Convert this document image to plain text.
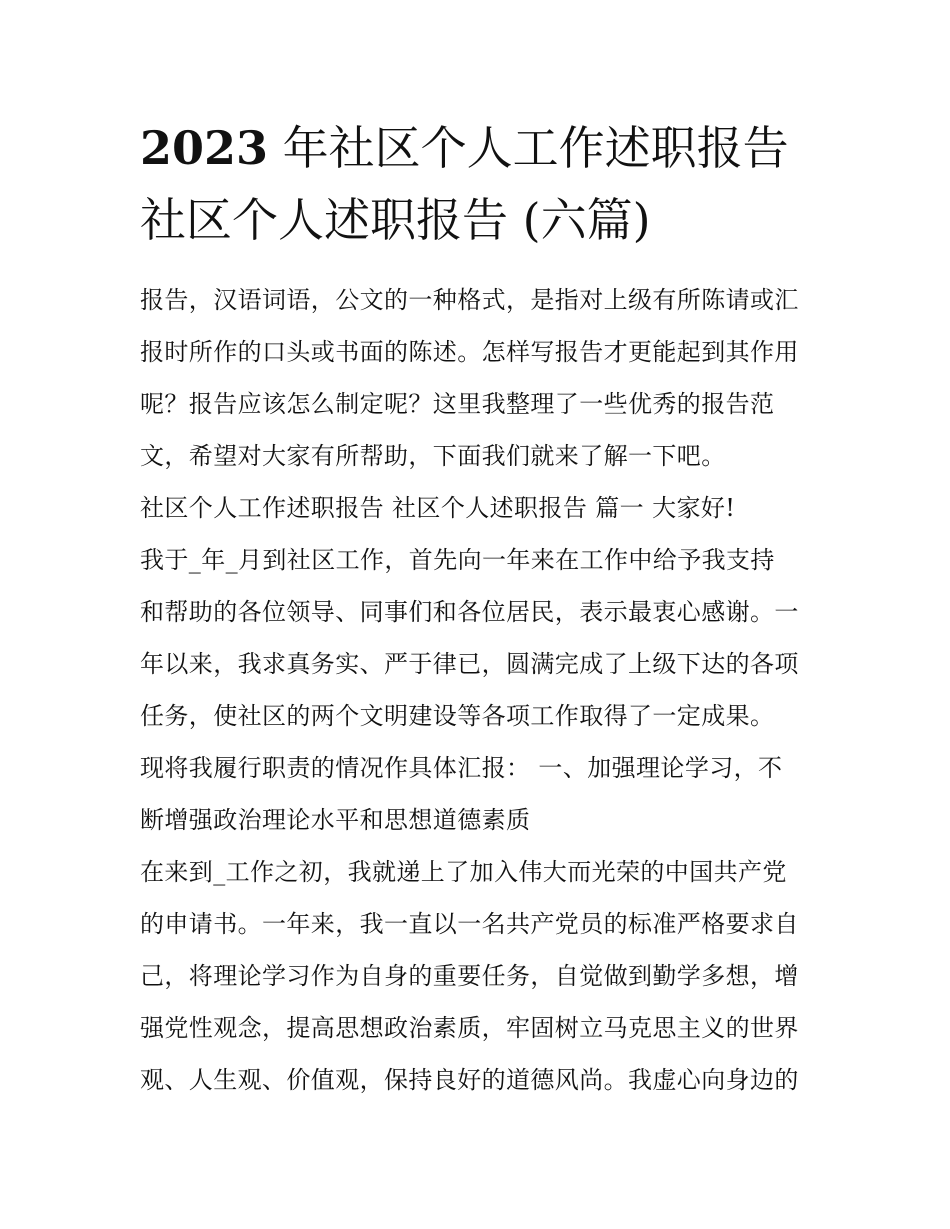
2023 年社区个人工作述职报告社区个人述职报告 (六篇)

报告，汉语词语，公文的一种格式，是指对上级有所陈请或汇

报时所作的口头或书面的陈述。怎样写报告才更能起到其作用

呢？报告应该怎么制定呢？这里我整理了一些优秀的报告范

文，希望对大家有所帮助，下面我们就来了解一下吧。

社区个人工作述职报告 社区个人述职报告 篇一 大家好!

我于_年_月到社区工作，首先向一年来在工作中给予我支持

和帮助的各位领导、同事们和各位居民，表示最衷心感谢。一

年以来，我求真务实、严于律已，圆满完成了上级下达的各项

任务，使社区的两个文明建设等各项工作取得了一定成果。

现将我履行职责的情况作具体汇报： 一、加强理论学习，不

断增强政治理论水平和思想道德素质

在来到_工作之初，我就递上了加入伟大而光荣的中国共产党

的申请书。一年来，我一直以一名共产党员的标准严格要求自

己，将理论学习作为自身的重要任务，自觉做到勤学多想，增

强党性观念，提高思想政治素质，牢固树立马克思主义的世界

观、人生观、价值观，保持良好的道德风尚。我虚心向身边的
